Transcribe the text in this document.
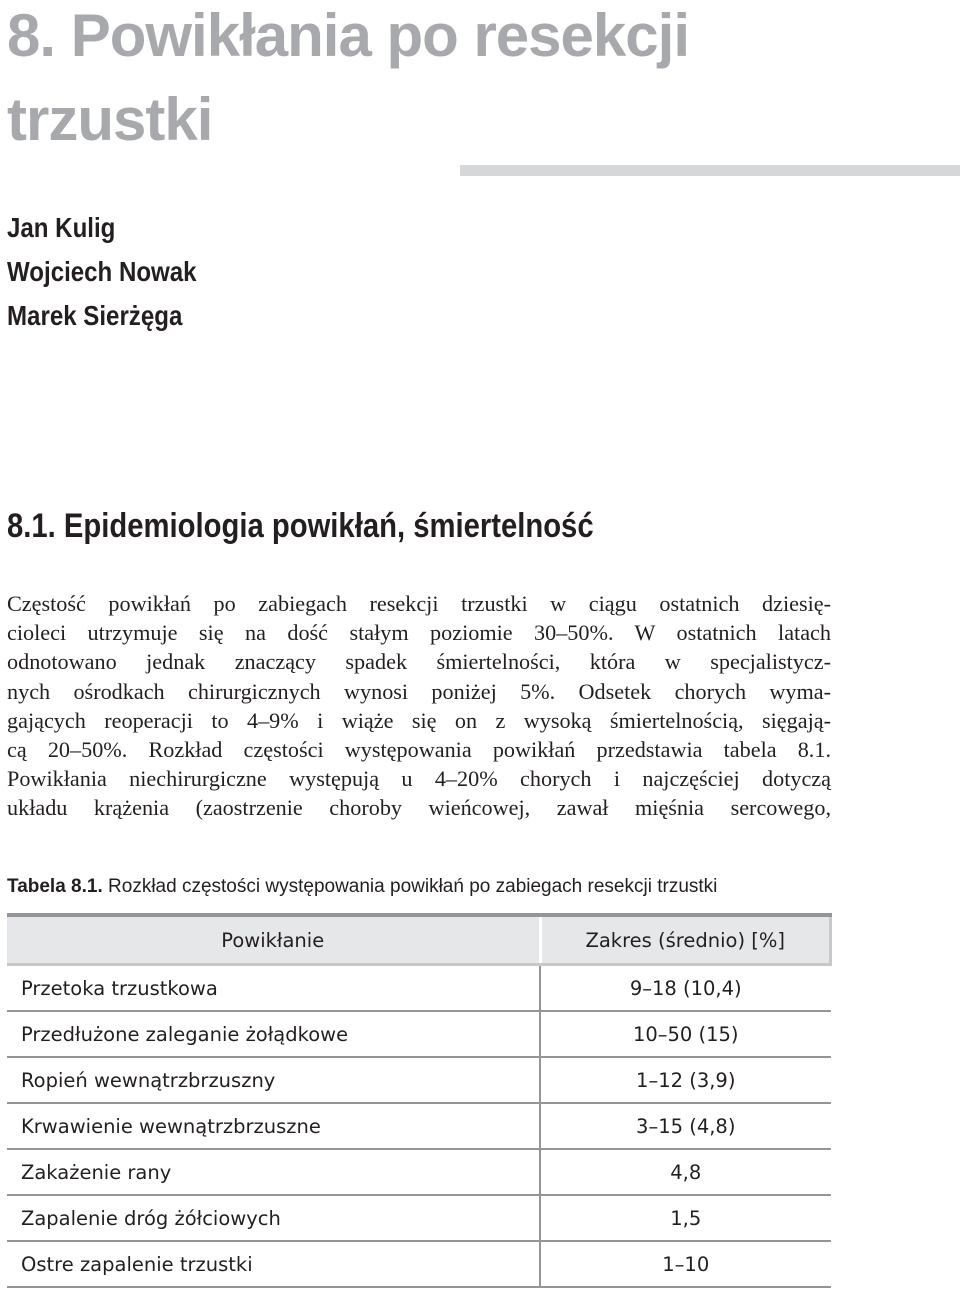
8. Powikłania po resekcji
trzustki
Jan Kulig
Wojciech Nowak
Marek Sierżęga
8.1. Epidemiologia powikłań, śmiertelność
Częstość powikłań po zabiegach resekcji trzustki w ciągu ostatnich dziesię-
cioleci utrzymuje się na dość stałym poziomie 30–50%. W ostatnich latach
odnotowano jednak znaczący spadek śmiertelności, która w specjalistycz-
nych ośrodkach chirurgicznych wynosi poniżej 5%. Odsetek chorych wyma-
gających reoperacji to 4–9% i wiąże się on z wysoką śmiertelnością, sięgają-
cą 20–50%. Rozkład częstości występowania powikłań przedstawia tabela 8.1.
Powikłania niechirurgiczne występują u 4–20% chorych i najczęściej dotyczą
układu krążenia (zaostrzenie choroby wieńcowej, zawał mięśnia sercowego,
Tabela 8.1. Rozkład częstości występowania powikłań po zabiegach resekcji trzustki
Powikłanie	Zakres (średnio) [%]
Przetoka trzustkowa	9–18 (10,4)
Przedłużone zaleganie żołądkowe	10–50 (15)
Ropień wewnątrzbrzuszny	1–12 (3,9)
Krwawienie wewnątrzbrzuszne	3–15 (4,8)
Zakażenie rany	4,8
Zapalenie dróg żółciowych	1,5
Ostre zapalenie trzustki	1–10
